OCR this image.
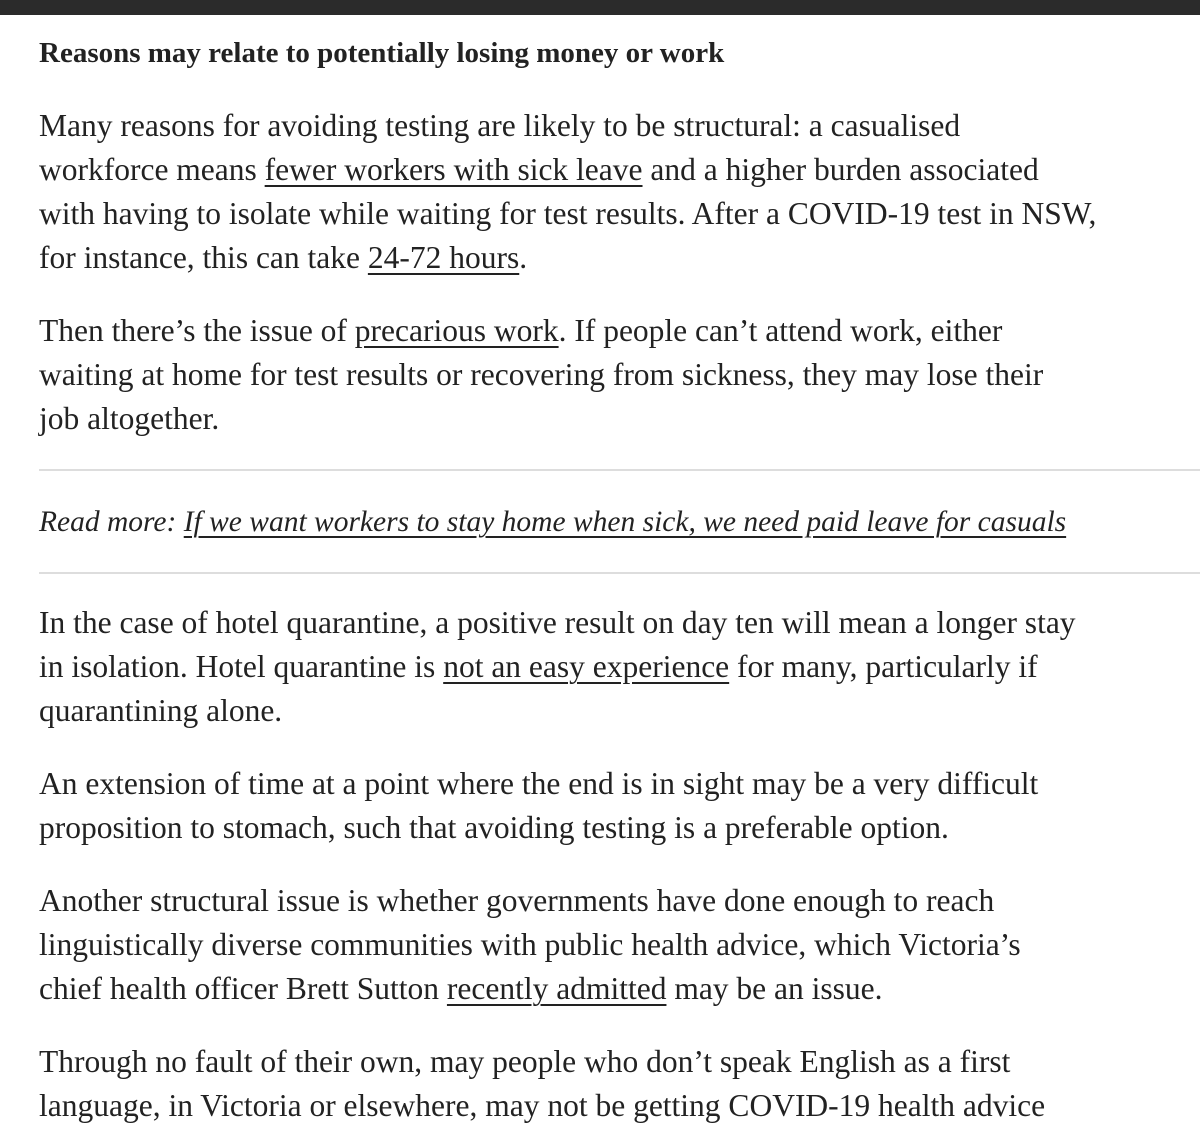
Reasons may relate to potentially losing money or work
Many reasons for avoiding testing are likely to be structural: a casualised
workforce means fewer workers with sick leave and a higher burden associated
with having to isolate while waiting for test results. After a COVID-19 test in NSW,
for instance, this can take 24-72 hours.
Then there’s the issue of precarious work. If people can’t attend work, either
waiting at home for test results or recovering from sickness, they may lose their
job altogether.
Read more: If we want workers to stay home when sick, we need paid leave for casuals
In the case of hotel quarantine, a positive result on day ten will mean a longer stay
in isolation. Hotel quarantine is not an easy experience for many, particularly if
quarantining alone.
An extension of time at a point where the end is in sight may be a very difficult
proposition to stomach, such that avoiding testing is a preferable option.
Another structural issue is whether governments have done enough to reach
linguistically diverse communities with public health advice, which Victoria’s
chief health officer Brett Sutton recently admitted may be an issue.
Through no fault of their own, may people who don’t speak English as a first
language, in Victoria or elsewhere, may not be getting COVID-19 health advice
